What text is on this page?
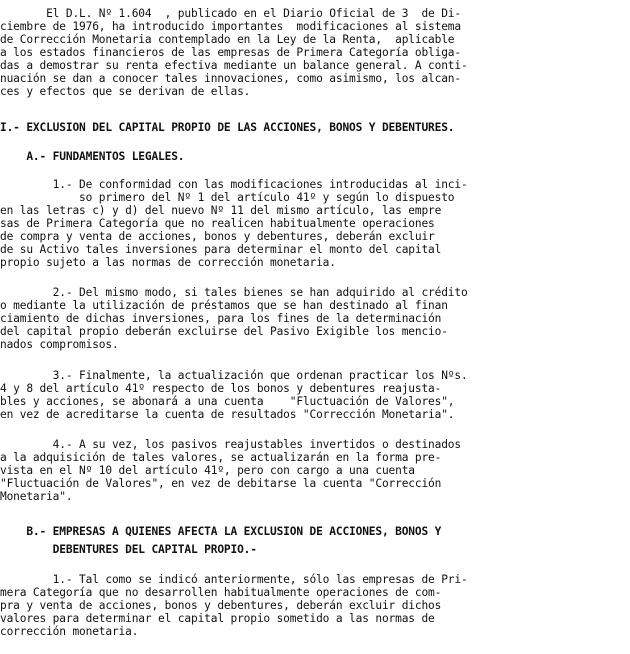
El D.L. Nº 1.604  , publicado en el Diario Oficial de 3  de Di-
ciembre de 1976, ha introducido importantes  modificaciones al sistema
de Corrección Monetaria contemplado en la Ley de la Renta,  aplicable
a los estados financieros de las empresas de Primera Categoría obliga-
das a demostrar su renta efectiva mediante un balance general. A conti-
nuación se dan a conocer tales innovaciones, como asimismo, los alcan-
ces y efectos que se derivan de ellas.
I.- EXCLUSION DEL CAPITAL PROPIO DE LAS ACCIONES, BONOS Y DEBENTURES.
A.- FUNDAMENTOS LEGALES.
1.- De conformidad con las modificaciones introducidas al inci-
so primero del Nº 1 del artículo 41º y según lo dispuesto
en las letras c) y d) del nuevo Nº 11 del mismo artículo, las empre
sas de Primera Categoría que no realicen habitualmente operaciones
de compra y venta de acciones, bonos y debentures, deberán excluir
de su Activo tales inversiones para determinar el monto del capital
propio sujeto a las normas de corrección monetaria.
2.- Del mismo modo, si tales bienes se han adquirido al crédito
o mediante la utilización de préstamos que se han destinado al finan
ciamiento de dichas inversiones, para los fines de la determinación
del capital propio deberán excluirse del Pasivo Exigible los mencio-
nados compromisos.
3.- Finalmente, la actualización que ordenan practicar los Nºs.
4 y 8 del artículo 41º respecto de los bonos y debentures reajusta-
bles y acciones, se abonará a una cuenta    "Fluctuación de Valores",
en vez de acreditarse la cuenta de resultados "Corrección Monetaria".
4.- A su vez, los pasivos reajustables invertidos o destinados
a la adquisición de tales valores, se actualizarán en la forma pre-
vista en el Nº 10 del artículo 41º, pero con cargo a una cuenta
"Fluctuación de Valores", en vez de debitarse la cuenta "Corrección
Monetaria".
B.- EMPRESAS A QUIENES AFECTA LA EXCLUSION DE ACCIONES, BONOS Y
DEBENTURES DEL CAPITAL PROPIO.-
1.- Tal como se indicó anteriormente, sólo las empresas de Pri-
mera Categoría que no desarrollen habitualmente operaciones de com-
pra y venta de acciones, bonos y debentures, deberán excluir dichos
valores para determinar el capital propio sometido a las normas de
corrección monetaria.
